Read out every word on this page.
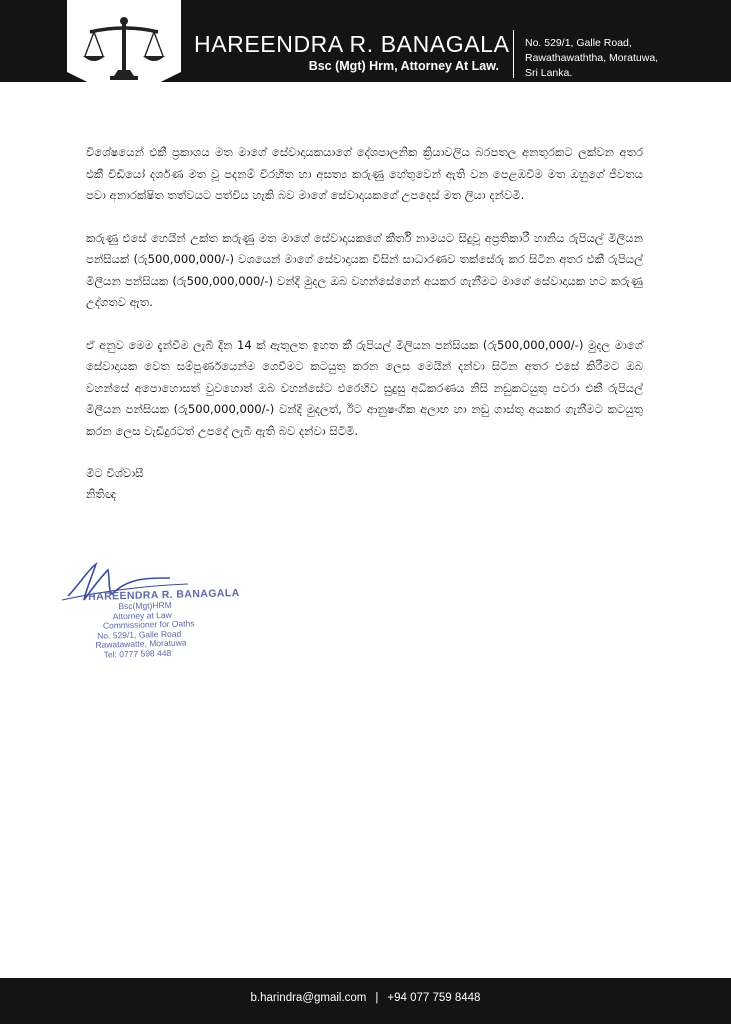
HAREENDRA R. BANAGALA
Bsc (Mgt) Hrm, Attorney At Law.
No. 529/1, Galle Road,
Rawathawaththa, Moratuwa,
Sri Lanka.

විශේෂයෙන් එකී ප්‍රකාශය මත මාගේ සේවාදායකයාගේ දේශපාලනික ක්‍රියාවලිය බරපතල අනතුරකට ලක්වන අතර එකී විඩියෝ දර්ශණ මත වූ පදනම් විරහිත හා අසත්‍ය කරුණු හේතුවෙන් ඇති වන පෙළඹවීම මත ඔහුගේ ජීවතය පවා අනාරක්ෂිත තත්වයට පත්විය හැකි බව මාගේ සේවාදායකගේ උපදෙස් මත ලියා දන්වමි.

කරුණු එසේ හෙයින් උක්ත කරුණු මත මාගේ සේවාදායකගේ කීර්ති නාමයට සිදුවූ අප්‍රතිකාරී හානිය රුපියල් මිලියන පන්සියක් (රු500,000,000/-) වශයෙන් මාගේ සේවාදායක විසින් සාධාරණව තක්සේරු කර සිටින අතර එකී රුපියල් මිලියන පන්සියක (රු500,000,000/-) වන්දි මුදල ඔබ වහන්සේගෙන් අයකර ගැනීමට මාගේ සේවාදායක හට කරුණු උද්ගතව ඇත.

ඒ අනුව මෙම දැන්වීම ලැබී දින 14 ක් ඇතුලත ඉහත කී රුපියල් මිලියන පන්සියක (රු500,000,000/-) මුදල මාගේ සේවාදායක වෙත සම්පූර්ණයෙන්ම ගෙවීමට කටයුතු කරන ලෙස මෙයින් දන්වා සිටින අතර එසේ කිරීමට ඔබ වහන්සේ අපොහොසත් වුවහොත් ඔබ වහන්සේට එරෙහිව සුදුසු අධිකරණය නිසි නඩුකටයුතු පවරා එකී රුපියල් මිලියන පන්සියක (රු500,000,000/-) වන්දි මුදලත්, ඊට ආනුෂංගික අලාභ හා නඩු ගාස්තු අයකර ගැනීමට කටයුතු කරන ලෙස වැඩිදුරටත් උපදේ ලැබී ඇති බව දන්වා සිටිමි.

මීට විශ්වාසී
නිතිඥ
HAREENDRA R. BANAGALA
Bsc(Mgt)HRM
Attorney at Law
Commissioner for Oaths
No. 529/1, Galle Road
Rawatawatte, Moratuwa
Tel: 0777 598 448
b.harindra@gmail.com | +94 077 759 8448
